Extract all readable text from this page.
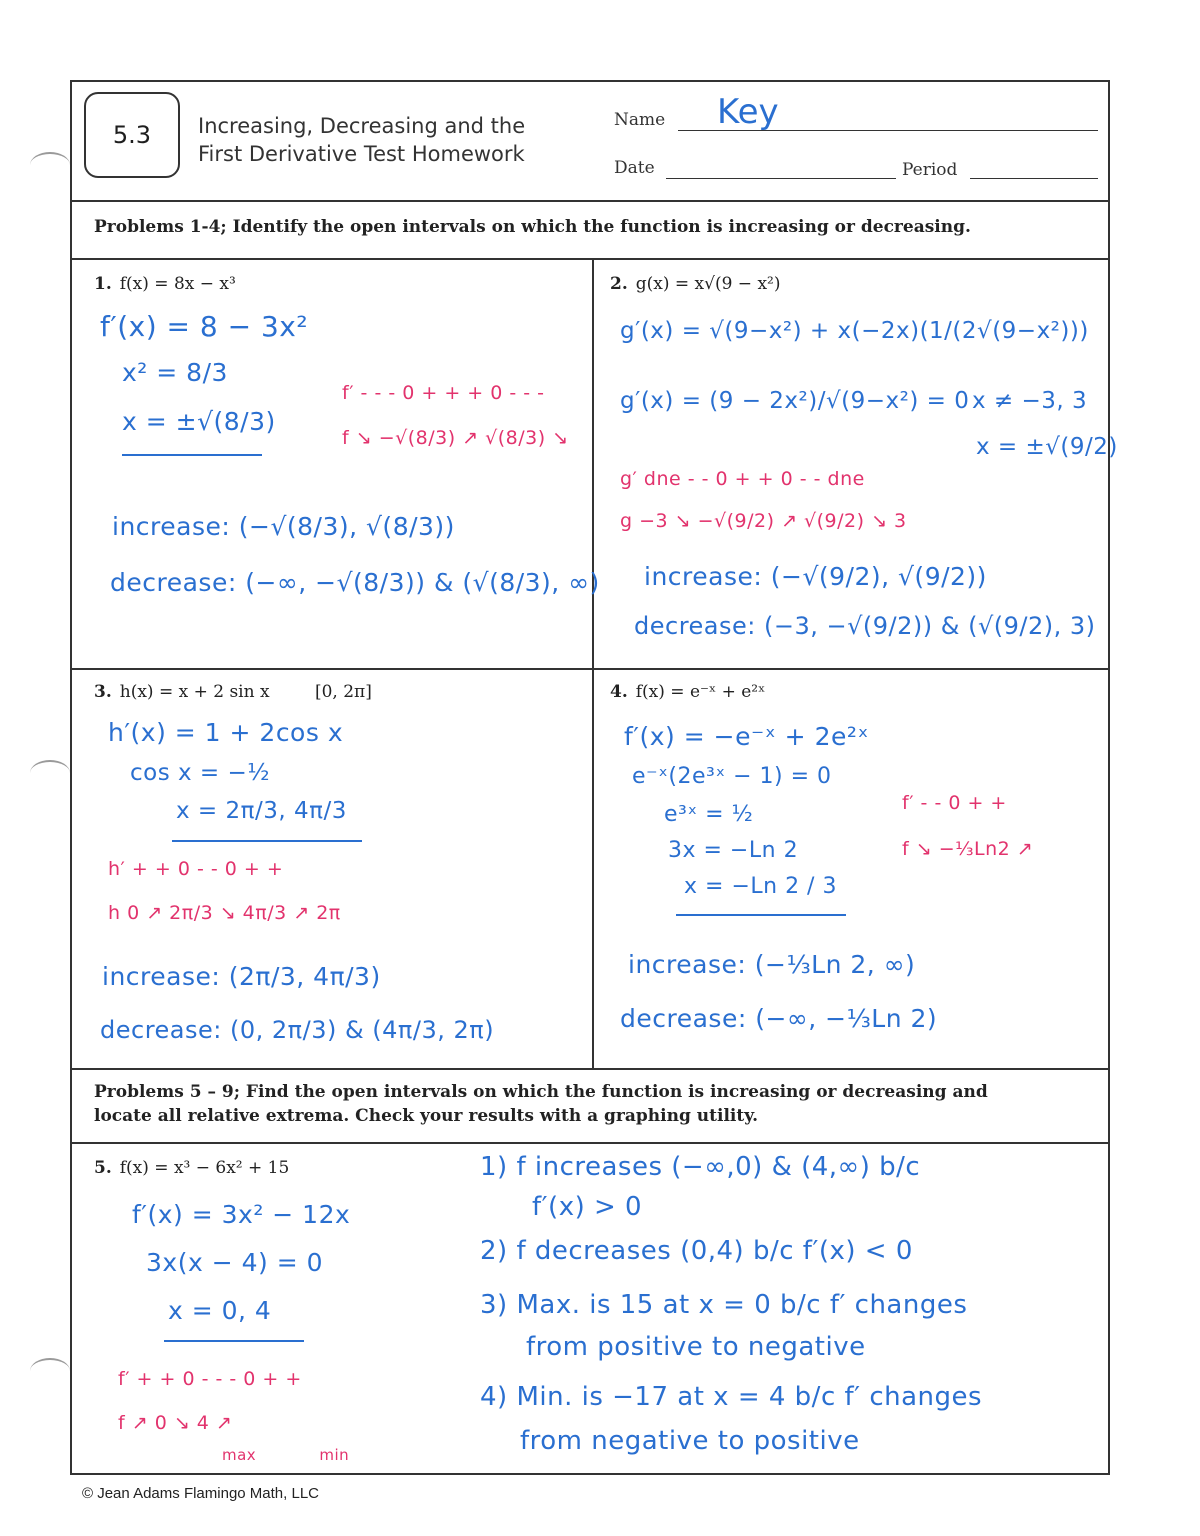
5.3 Increasing, Decreasing and the
First Derivative Test Homework
Name Key
Date	Period
Problems 1-4; Identify the open intervals on which the function is increasing or decreasing.
1. f(x) = 8x − x³
f′(x) = 8 − 3x²
x² = 8/3
x = ±√(8/3)
f′ - - - 0 + + + 0 - - -
f ↘ −√(8/3) ↗ √(8/3) ↘
increase: (−√(8/3), √(8/3))
decrease: (−∞, −√(8/3)) & (√(8/3), ∞)
2. g(x) = x√(9 − x²)
g′(x) = √(9−x²) + x(−2x)(1/(2√(9−x²)))
g′(x) = (9 − 2x²)/√(9−x²) = 0 x ≠ −3, 3
x = ±√(9/2)
g′ dne - - 0 + + 0 - - dne
g −3 ↘ −√(9/2) ↗ √(9/2) ↘ 3
increase: (−√(9/2), √(9/2))
decrease: (−3, −√(9/2)) & (√(9/2), 3)
3. h(x) = x + 2 sin x	[0, 2π]
h′(x) = 1 + 2cos x
cos x = −½
x = 2π/3, 4π/3
h′ + + 0 - - 0 + +
h 0 ↗ 2π/3 ↘ 4π/3 ↗ 2π
increase: (2π/3, 4π/3)
decrease: (0, 2π/3) & (4π/3, 2π)
4. f(x) = e⁻ˣ + e²ˣ
f′(x) = −e⁻ˣ + 2e²ˣ
e⁻ˣ(2e³ˣ − 1) = 0
e³ˣ = ½
3x = −Ln 2
x = −Ln 2 / 3
f′ - - 0 + +
f ↘ −⅓Ln2 ↗
increase: (−⅓Ln 2, ∞)
decrease: (−∞, −⅓Ln 2)
Problems 5 – 9; Find the open intervals on which the function is increasing or decreasing and
locate all relative extrema. Check your results with a graphing utility.
5. f(x) = x³ − 6x² + 15
f′(x) = 3x² − 12x
3x(x − 4) = 0
x = 0, 4
f′ + + 0 - - - 0 + +
f ↗ 0 ↘ 4 ↗
max            min
1) f increases (−∞,0) & (4,∞) b/c
f′(x) > 0
2) f decreases (0,4) b/c f′(x) < 0
3) Max. is 15 at x = 0 b/c f′ changes
from positive to negative
4) Min. is −17 at x = 4 b/c f′ changes
from negative to positive
© Jean Adams Flamingo Math, LLC
